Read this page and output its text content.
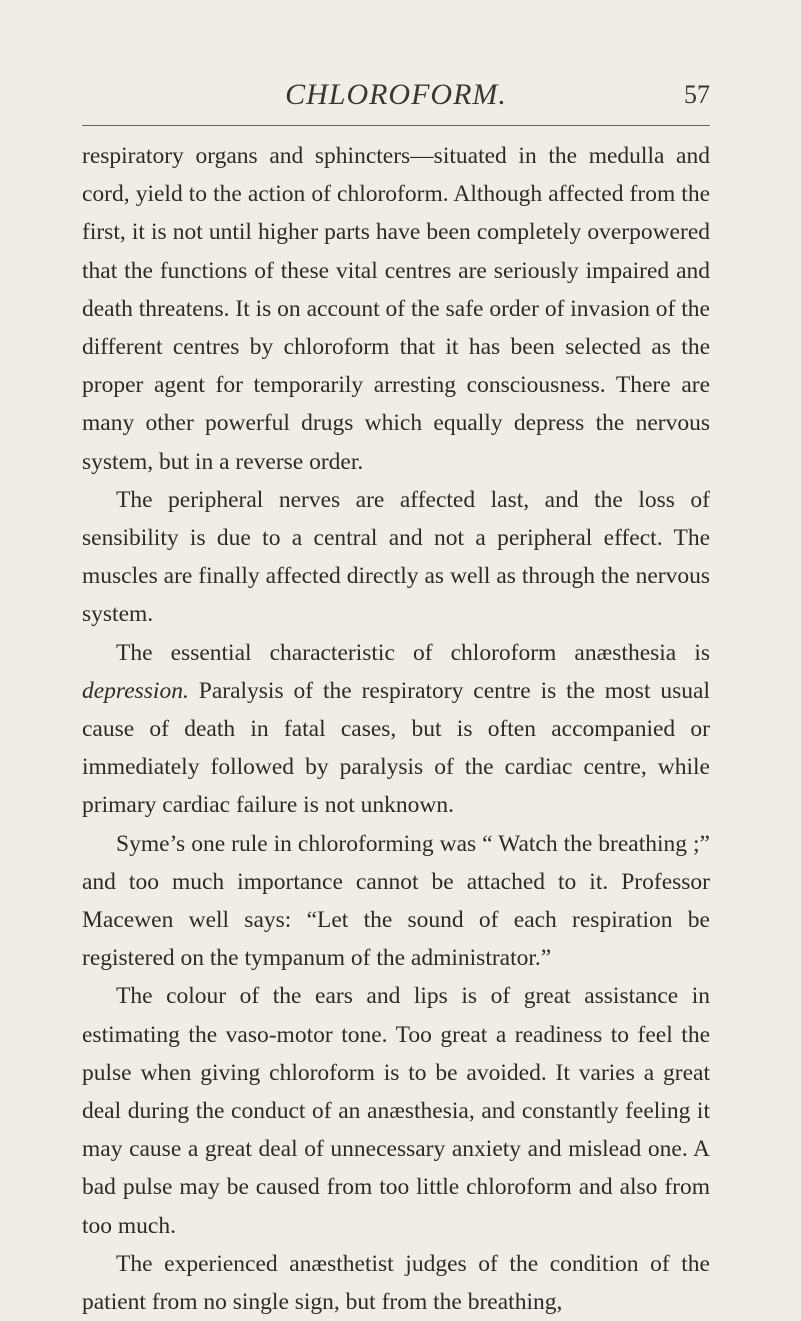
CHLOROFORM.	57

respiratory organs and sphincters—situated in the medulla and cord, yield to the action of chloroform. Although affected from the first, it is not until higher parts have been completely overpowered that the functions of these vital centres are seriously impaired and death threatens. It is on account of the safe order of invasion of the different centres by chloroform that it has been selected as the proper agent for temporarily arresting consciousness. There are many other powerful drugs which equally depress the nervous system, but in a reverse order.

The peripheral nerves are affected last, and the loss of sensibility is due to a central and not a peripheral effect. The muscles are finally affected directly as well as through the nervous system.

The essential characteristic of chloroform anæsthesia is depression. Paralysis of the respiratory centre is the most usual cause of death in fatal cases, but is often accompanied or immediately followed by paralysis of the cardiac centre, while primary cardiac failure is not unknown.

Syme’s one rule in chloroforming was “ Watch the breathing ;” and too much importance cannot be attached to it. Professor Macewen well says: “Let the sound of each respiration be registered on the tympanum of the administrator.”

The colour of the ears and lips is of great assistance in estimating the vaso-motor tone. Too great a readiness to feel the pulse when giving chloroform is to be avoided. It varies a great deal during the conduct of an anæsthesia, and constantly feeling it may cause a great deal of unnecessary anxiety and mislead one. A bad pulse may be caused from too little chloroform and also from too much.

The experienced anæsthetist judges of the condition of the patient from no single sign, but from the breathing,
